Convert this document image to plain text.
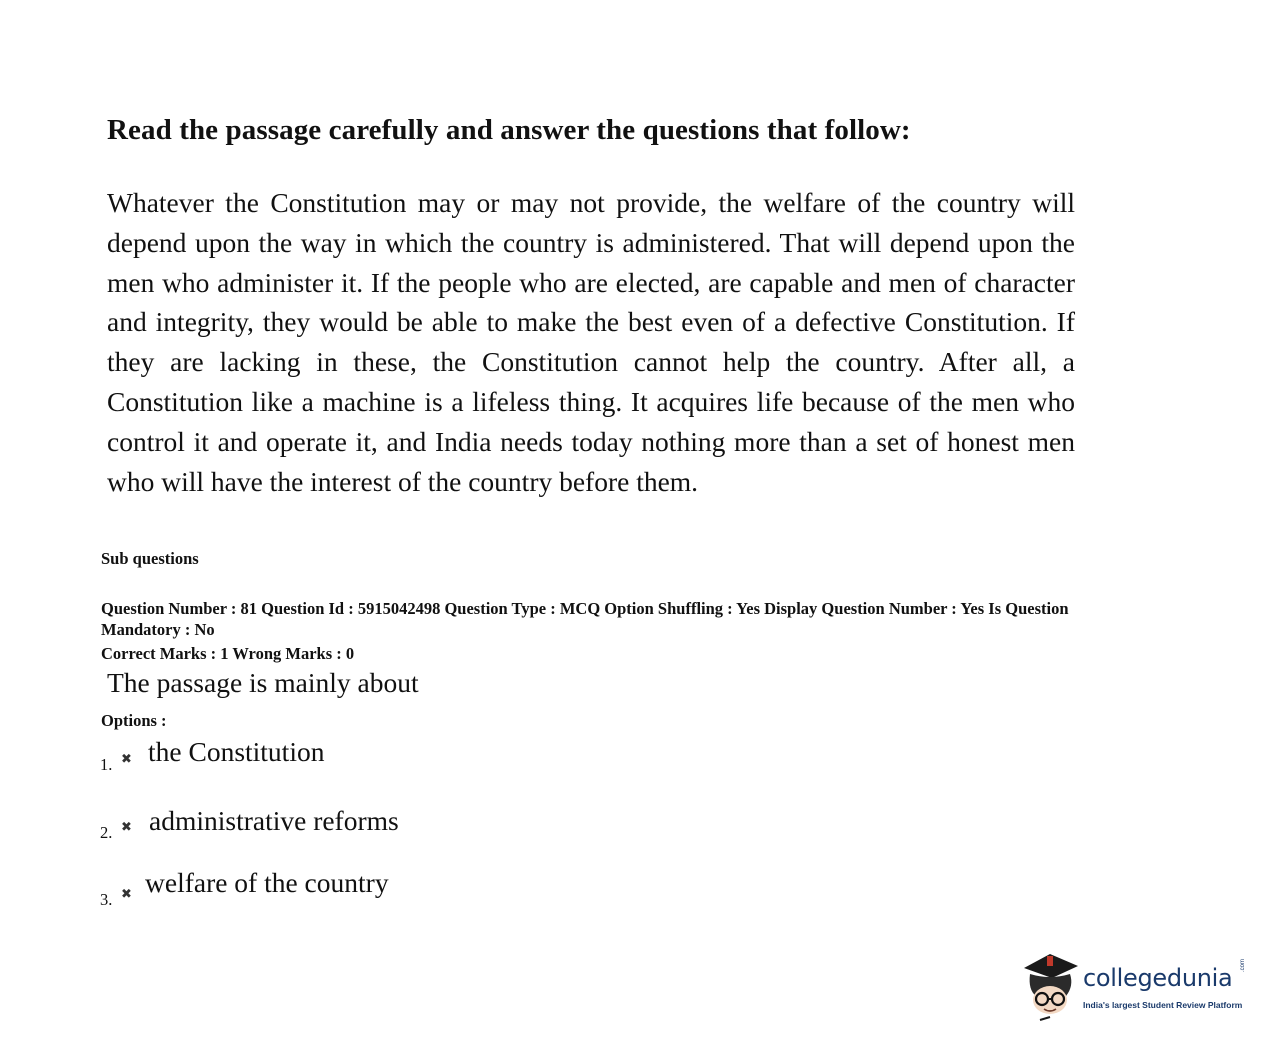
Read the passage carefully and answer the questions that follow:

Whatever the Constitution may or may not provide, the welfare of the country will depend upon the way in which the country is administered. That will depend upon the men who administer it. If the people who are elected, are capable and men of character and integrity, they would be able to make the best even of a defective Constitution. If they are lacking in these, the Constitution cannot help the country. After all, a Constitution like a machine is a lifeless thing. It acquires life because of the men who control it and operate it, and India needs today nothing more than a set of honest men who will have the interest of the country before them.

Sub questions
Question Number : 81 Question Id : 5915042498 Question Type : MCQ Option Shuffling : Yes Display Question Number : Yes Is Question Mandatory : No
Correct Marks : 1 Wrong Marks : 0
The passage is mainly about
Options :
1. ✖ the Constitution
2. ✖ administrative reforms
3. ✖ welfare of the country
collegedunia .com
India's largest Student Review Platform
